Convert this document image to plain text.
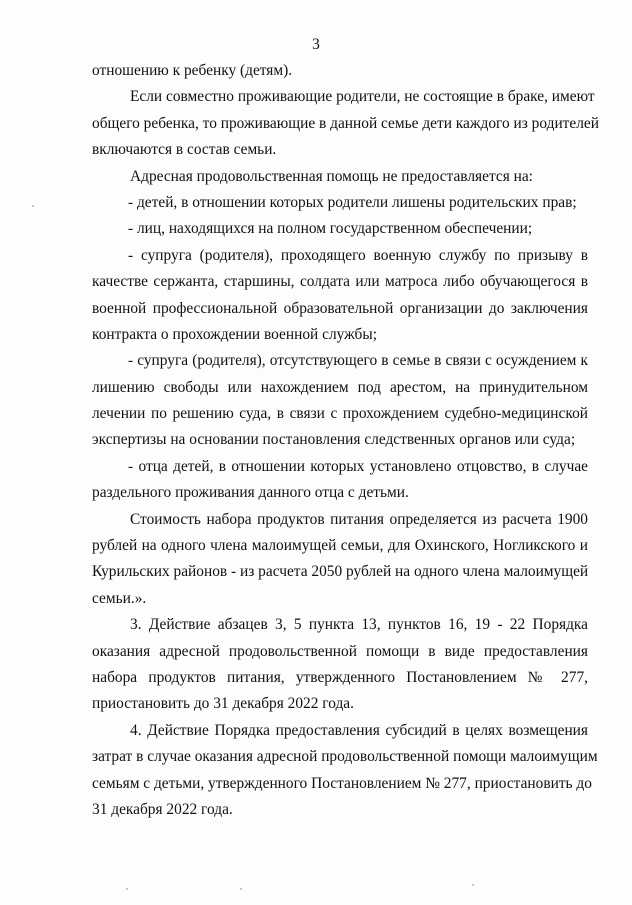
3

отношению к ребенку (детям).

Если совместно проживающие родители, не состоящие в браке, имеют
общего ребенка, то проживающие в данной семье дети каждого из родителей
включаются в состав семьи.

Адресная продовольственная помощь не предоставляется на:

- детей, в отношении которых родители лишены родительских прав;

- лиц, находящихся на полном государственном обеспечении;

- супруга (родителя), проходящего военную службу по призыву в
качестве сержанта, старшины, солдата или матроса либо обучающегося в
военной профессиональной образовательной организации до заключения
контракта о прохождении военной службы;

- супруга (родителя), отсутствующего в семье в связи с осуждением к
лишению свободы или нахождением под арестом, на принудительном
лечении по решению суда, в связи с прохождением судебно-медицинской
экспертизы на основании постановления следственных органов или суда;

- отца детей, в отношении которых установлено отцовство, в случае
раздельного проживания данного отца с детьми.

Стоимость набора продуктов питания определяется из расчета 1900
рублей на одного члена малоимущей семьи, для Охинского, Ногликского и
Курильских районов - из расчета 2050 рублей на одного члена малоимущей
семьи.».

3. Действие абзацев 3, 5 пункта 13, пунктов 16, 19 - 22 Порядка
оказания адресной продовольственной помощи в виде предоставления
набора продуктов питания, утвержденного Постановлением № 277,
приостановить до 31 декабря 2022 года.

4. Действие Порядка предоставления субсидий в целях возмещения
затрат в случае оказания адресной продовольственной помощи малоимущим
семьям с детьми, утвержденного Постановлением № 277, приостановить до
31 декабря 2022 года.
